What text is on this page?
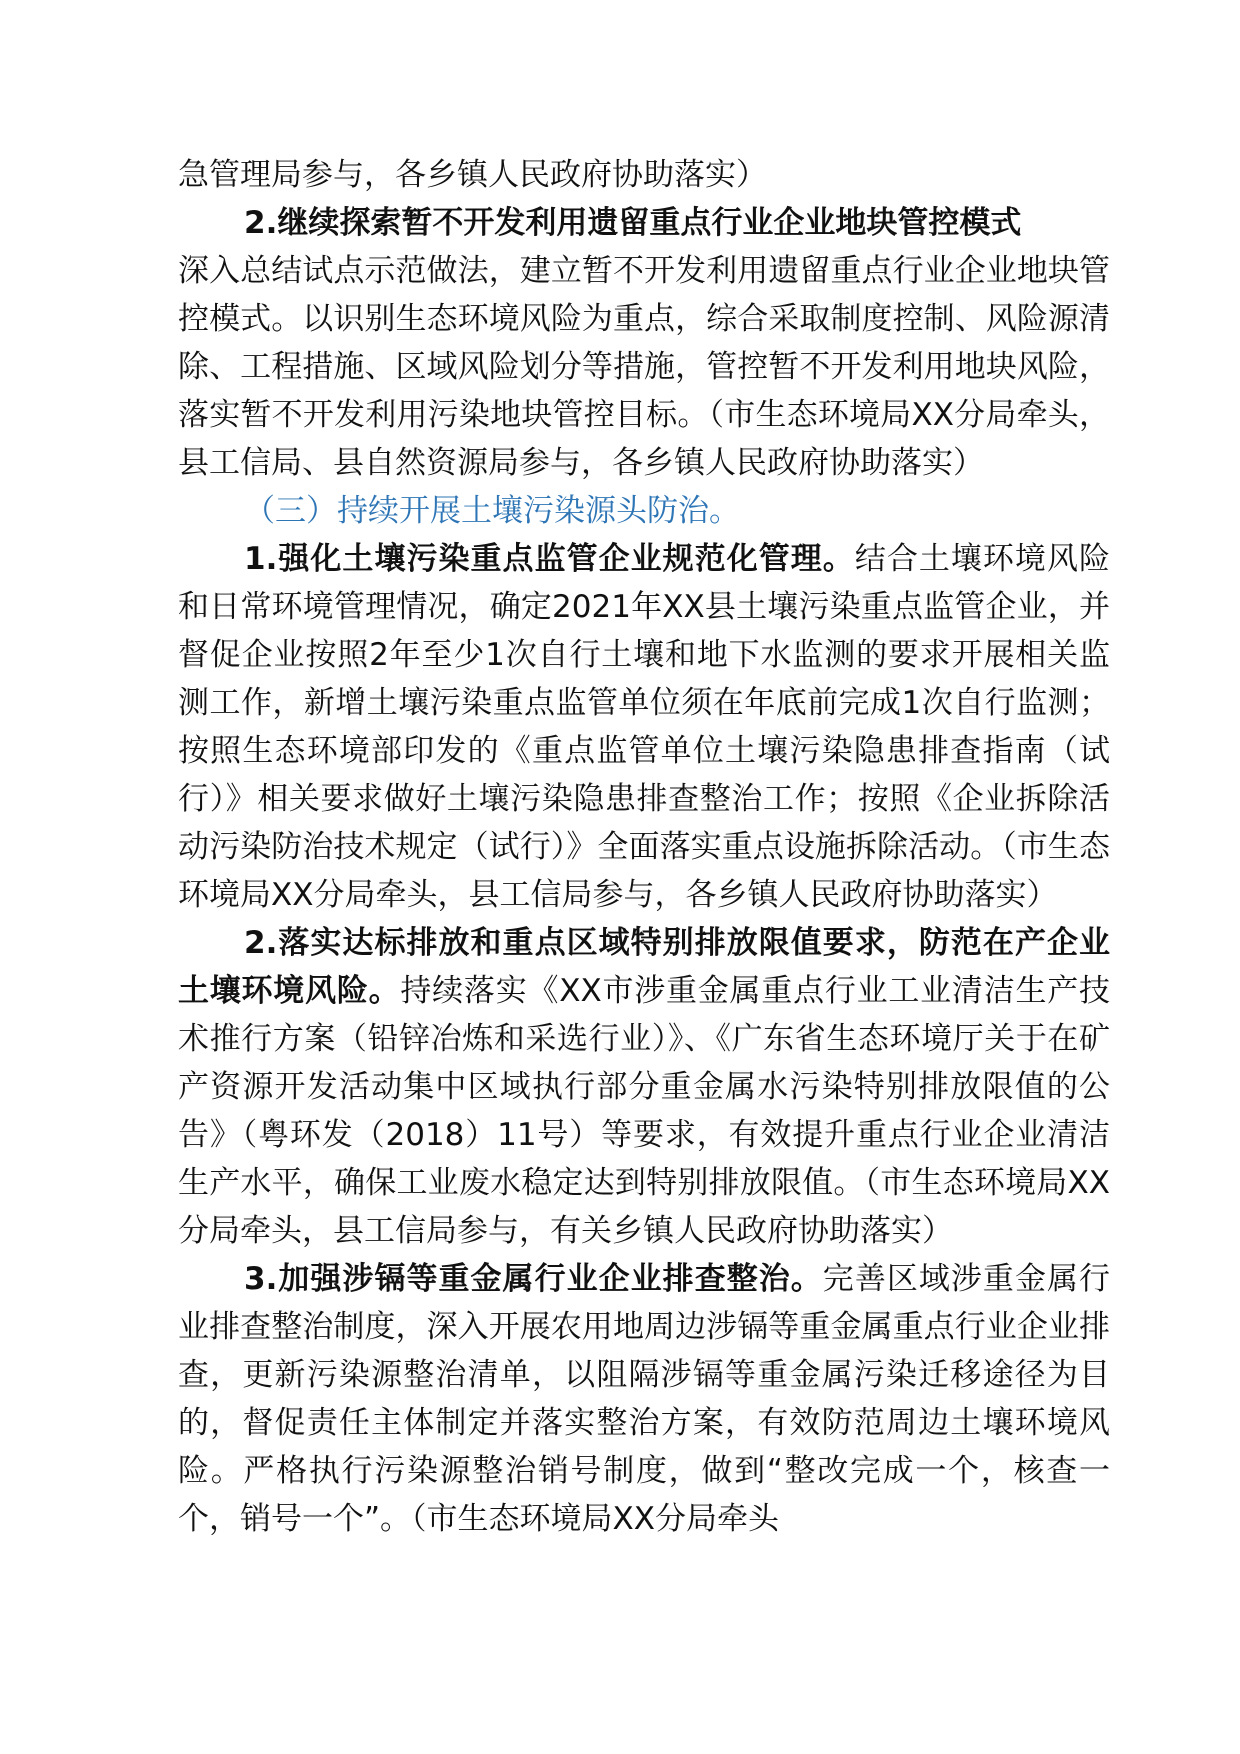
急管理局参与，各乡镇人民政府协助落实）

2.继续探索暂不开发利用遗留重点行业企业地块管控模式

深入总结试点示范做法，建立暂不开发利用遗留重点行业企业地块管控模式。以识别生态环境风险为重点，综合采取制度控制、风险源清除、工程措施、区域风险划分等措施，管控暂不开发利用地块风险，落实暂不开发利用污染地块管控目标。（市生态环境局XX分局牵头，县工信局、县自然资源局参与，各乡镇人民政府协助落实）

（三）持续开展土壤污染源头防治。

1.强化土壤污染重点监管企业规范化管理。结合土壤环境风险和日常环境管理情况，确定2021年XX县土壤污染重点监管企业，并督促企业按照2年至少1次自行土壤和地下水监测的要求开展相关监测工作，新增土壤污染重点监管单位须在年底前完成1次自行监测；按照生态环境部印发的《重点监管单位土壤污染隐患排查指南（试行）》相关要求做好土壤污染隐患排查整治工作；按照《企业拆除活动污染防治技术规定（试行）》全面落实重点设施拆除活动。（市生态环境局XX分局牵头，县工信局参与，各乡镇人民政府协助落实）

2.落实达标排放和重点区域特别排放限值要求，防范在产企业土壤环境风险。持续落实《XX市涉重金属重点行业工业清洁生产技术推行方案（铅锌冶炼和采选行业）》、《广东省生态环境厅关于在矿产资源开发活动集中区域执行部分重金属水污染特别排放限值的公告》（粤环发（2018）11号）等要求，有效提升重点行业企业清洁生产水平，确保工业废水稳定达到特别排放限值。（市生态环境局XX分局牵头，县工信局参与，有关乡镇人民政府协助落实）

3.加强涉镉等重金属行业企业排查整治。完善区域涉重金属行业排查整治制度，深入开展农用地周边涉镉等重金属重点行业企业排查，更新污染源整治清单，以阻隔涉镉等重金属污染迁移途径为目的，督促责任主体制定并落实整治方案，有效防范周边土壤环境风险。严格执行污染源整治销号制度，做到“整改完成一个，核查一个，销号一个”。（市生态环境局XX分局牵头
